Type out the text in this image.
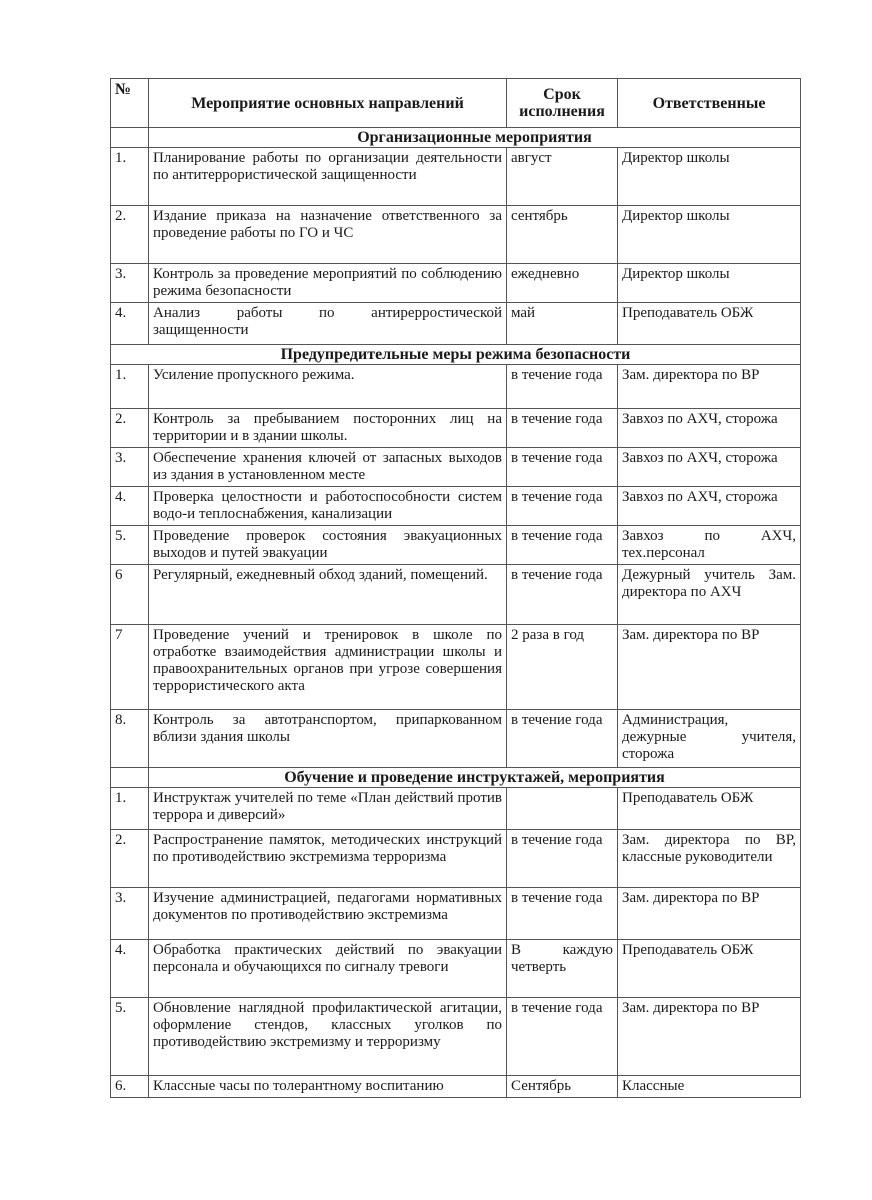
№	Мероприятие основных направлений	Срок исполнения	Ответственные
	Организационные мероприятия		
1.	Планирование работы по организации деятельности по антитеррористической защищенности	август	Директор школы
2.	Издание приказа на назначение ответственного за проведение работы по ГО и ЧС	сентябрь	Директор школы
3.	Контроль за проведение мероприятий по соблюдению режима безопасности	ежедневно	Директор школы
4.	Анализ работы по антирерростической защищенности	май	Преподаватель ОБЖ
Предупредительные меры режима безопасности			
1.	Усиление пропускного режима.	в течение года	Зам. директора по ВР
2.	Контроль за пребыванием посторонних лиц на территории и в здании школы.	в течение года	Завхоз по АХЧ, сторожа
3.	Обеспечение хранения ключей от запасных выходов из здания в установленном месте	в течение года	Завхоз по АХЧ, сторожа
4.	Проверка целостности и работоспособности систем водо-и теплоснабжения, канализации	в течение года	Завхоз по АХЧ, сторожа
5.	Проведение проверок состояния эвакуационных выходов и путей эвакуации	в течение года	Завхоз по АХЧ, тех.персонал
6	Регулярный, ежедневный обход зданий, помещений.	в течение года	Дежурный учитель Зам. директора по АХЧ
7	Проведение учений и тренировок в школе по отработке взаимодействия администрации школы и правоохранительных органов при угрозе совершения террористического акта	2 раза в год	Зам. директора по ВР
8.	Контроль за автотранспортом, припаркованном вблизи здания школы	в течение года	Администрация, дежурные учителя, сторожа
	Обучение и проведение инструктажей, мероприятия		
1.	Инструктаж учителей по теме «План действий против террора и диверсий»		Преподаватель ОБЖ
2.	Распространение памяток, методических инструкций по противодействию экстремизма терроризма	в течение года	Зам. директора по ВР, классные руководители
3.	Изучение администрацией, педагогами нормативных документов по противодействию экстремизма	в течение года	Зам. директора по ВР
4.	Обработка практических действий по эвакуации персонала и обучающихся по сигналу тревоги	В каждую четверть	Преподаватель ОБЖ
5.	Обновление наглядной профилактической агитации, оформление стендов, классных уголков по противодействию экстремизму и терроризму	в течение года	Зам. директора по ВР
6.	Классные часы по толерантному воспитанию	Сентябрь	Классные
